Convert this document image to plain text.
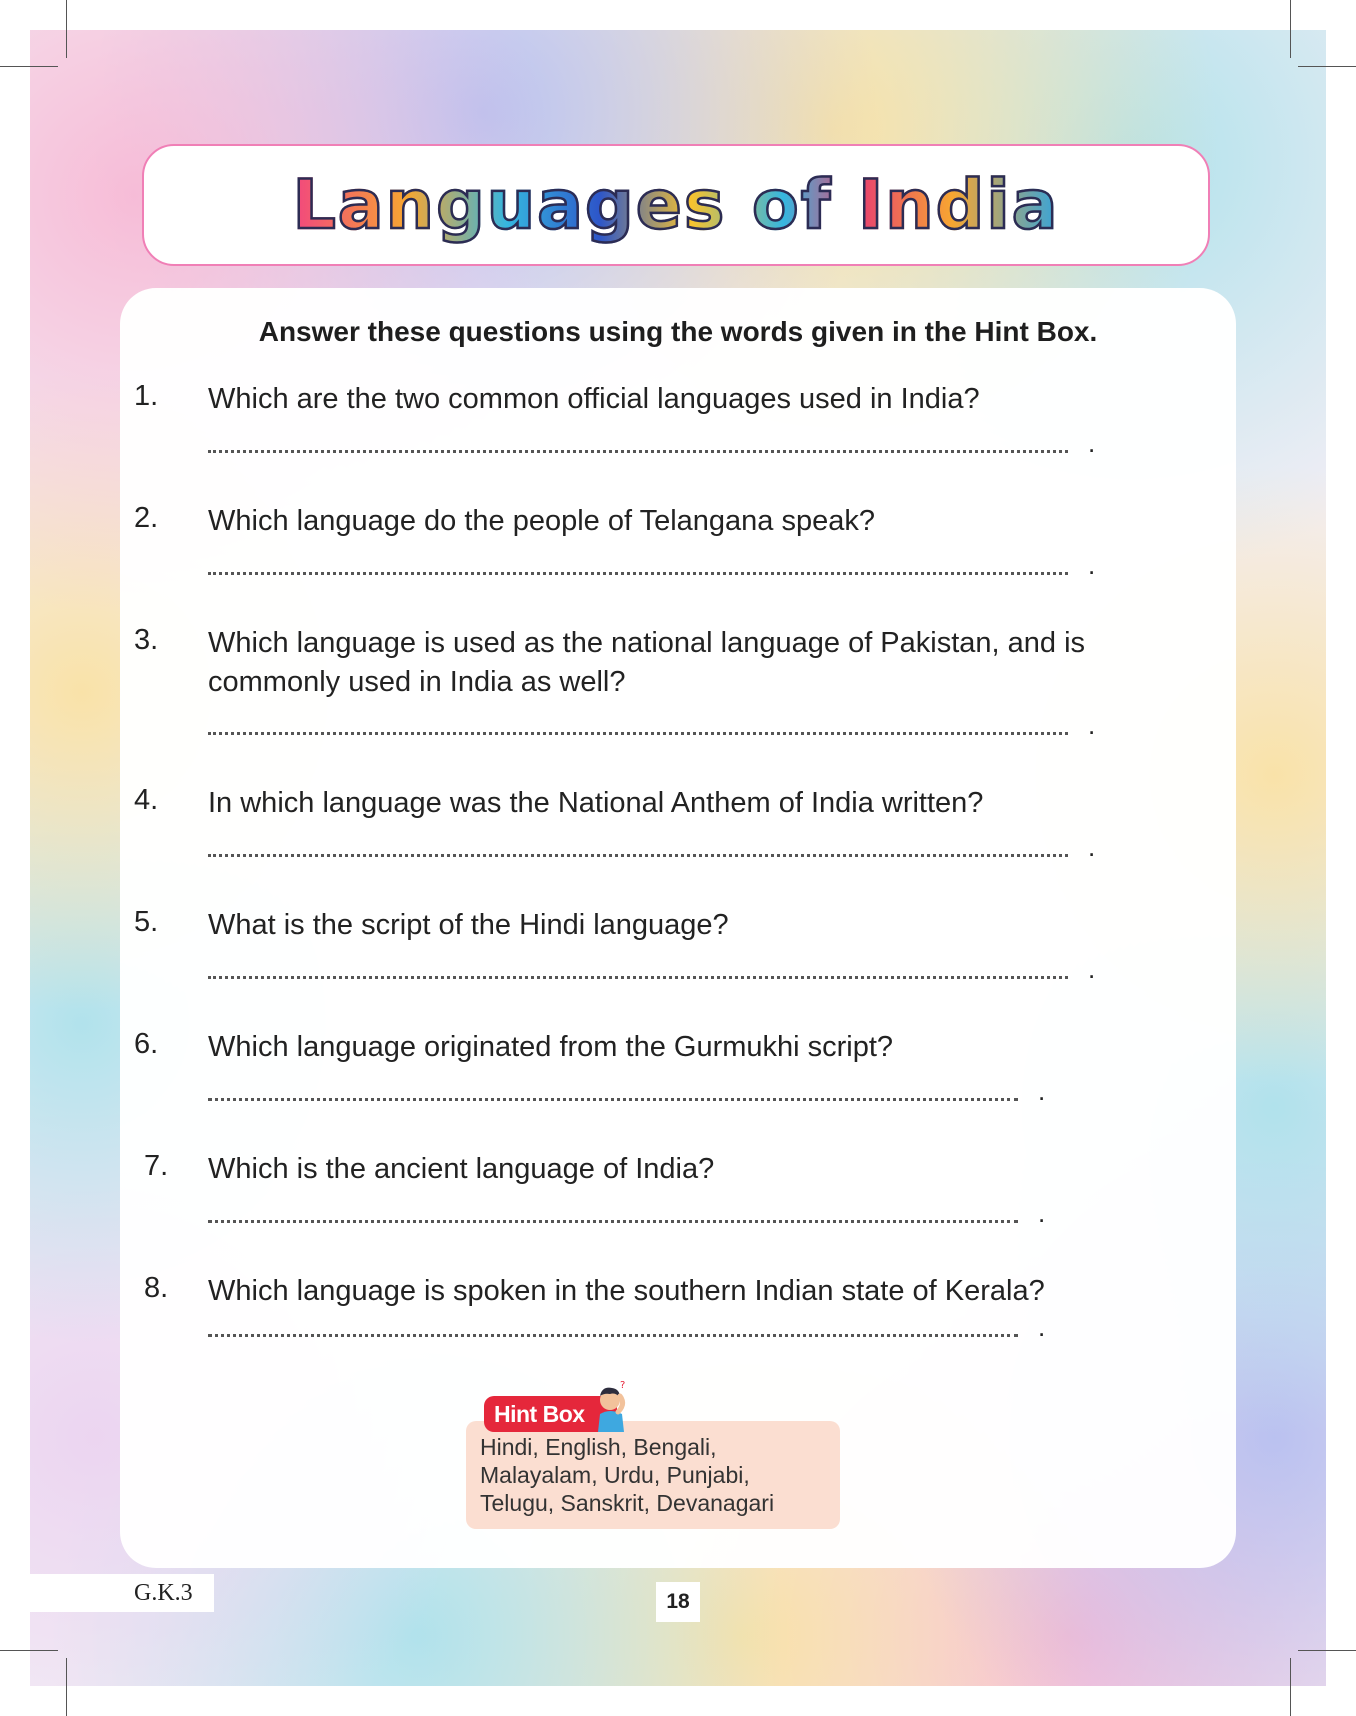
Languages of India
Answer these questions using the words given in the Hint Box.
1. Which are the two common official languages used in India?
.
2. Which language do the people of Telangana speak?
.
3. Which language is used as the national language of Pakistan, and is commonly used in India as well?
.
4. In which language was the National Anthem of India written?
.
5. What is the script of the Hindi language?
.
6. Which language originated from the Gurmukhi script?
.
7. Which is the ancient language of India?
.
8. Which language is spoken in the southern Indian state of Kerala?
.
Hint Box
?
Hindi, English, Bengali,
Malayalam, Urdu, Punjabi,
Telugu, Sanskrit, Devanagari
G.K.3	18
